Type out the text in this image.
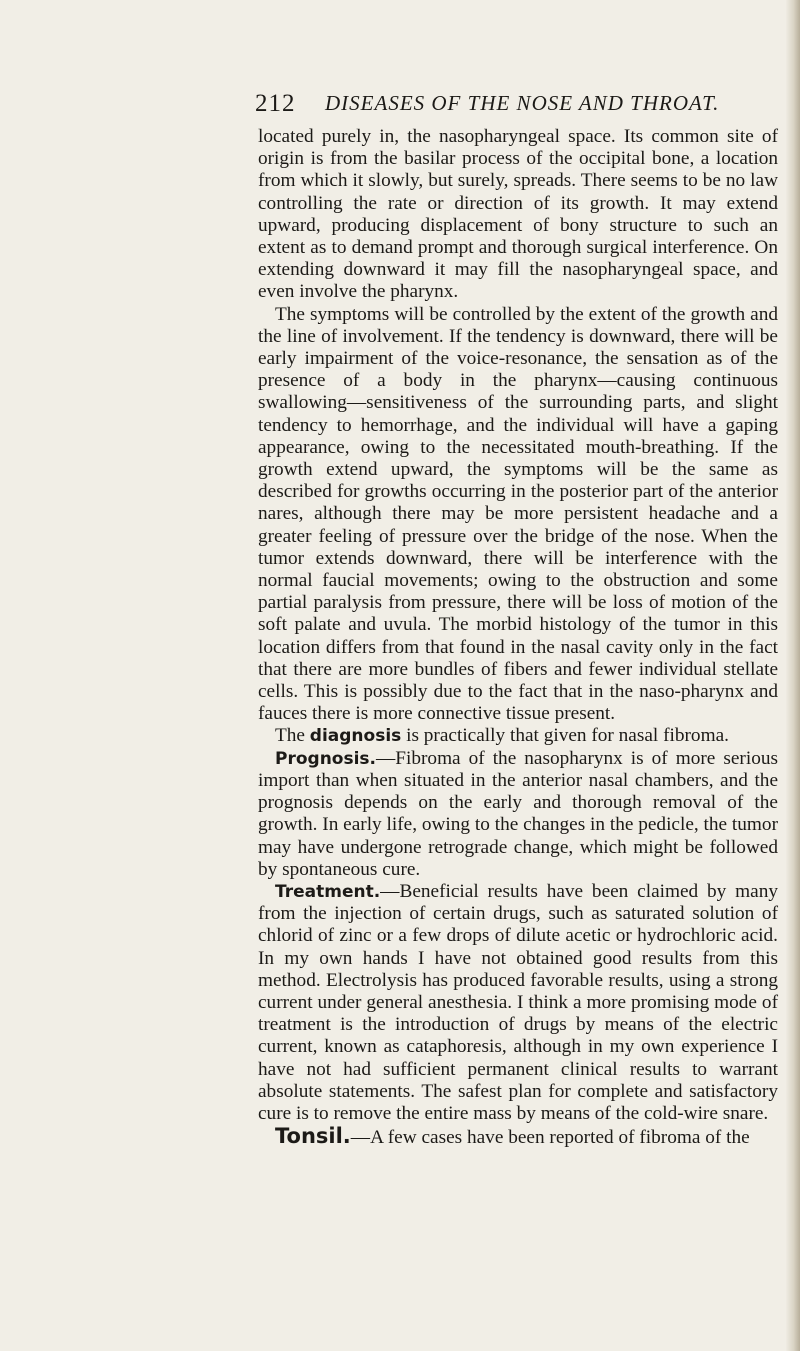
212 DISEASES OF THE NOSE AND THROAT.

located purely in, the nasopharyngeal space. Its common site of origin is from the basilar process of the occipital bone, a location from which it slowly, but surely, spreads. There seems to be no law controlling the rate or direction of its growth. It may extend upward, producing displacement of bony structure to such an extent as to demand prompt and thorough surgical interference. On extending downward it may fill the nasopharyngeal space, and even involve the pharynx.

The symptoms will be controlled by the extent of the growth and the line of involvement. If the tendency is downward, there will be early impairment of the voice-resonance, the sensation as of the presence of a body in the pharynx—causing continuous swallowing—sensitiveness of the surrounding parts, and slight tendency to hemorrhage, and the individual will have a gaping appearance, owing to the necessitated mouth-breathing. If the growth extend upward, the symptoms will be the same as described for growths occurring in the posterior part of the anterior nares, although there may be more persistent headache and a greater feeling of pressure over the bridge of the nose. When the tumor extends downward, there will be interference with the normal faucial movements; owing to the obstruction and some partial paralysis from pressure, there will be loss of motion of the soft palate and uvula. The morbid histology of the tumor in this location differs from that found in the nasal cavity only in the fact that there are more bundles of fibers and fewer individual stellate cells. This is possibly due to the fact that in the naso-pharynx and fauces there is more connective tissue present.

The diagnosis is practically that given for nasal fibroma.

Prognosis.—Fibroma of the nasopharynx is of more serious import than when situated in the anterior nasal chambers, and the prognosis depends on the early and thorough removal of the growth. In early life, owing to the changes in the pedicle, the tumor may have undergone retrograde change, which might be followed by spontaneous cure.

Treatment.—Beneficial results have been claimed by many from the injection of certain drugs, such as saturated solution of chlorid of zinc or a few drops of dilute acetic or hydrochloric acid. In my own hands I have not obtained good results from this method. Electrolysis has produced favorable results, using a strong current under general anesthesia. I think a more promising mode of treatment is the introduction of drugs by means of the electric current, known as cataphoresis, although in my own experience I have not had sufficient permanent clinical results to warrant absolute statements. The safest plan for complete and satisfactory cure is to remove the entire mass by means of the cold-wire snare.

Tonsil.—A few cases have been reported of fibroma of the
